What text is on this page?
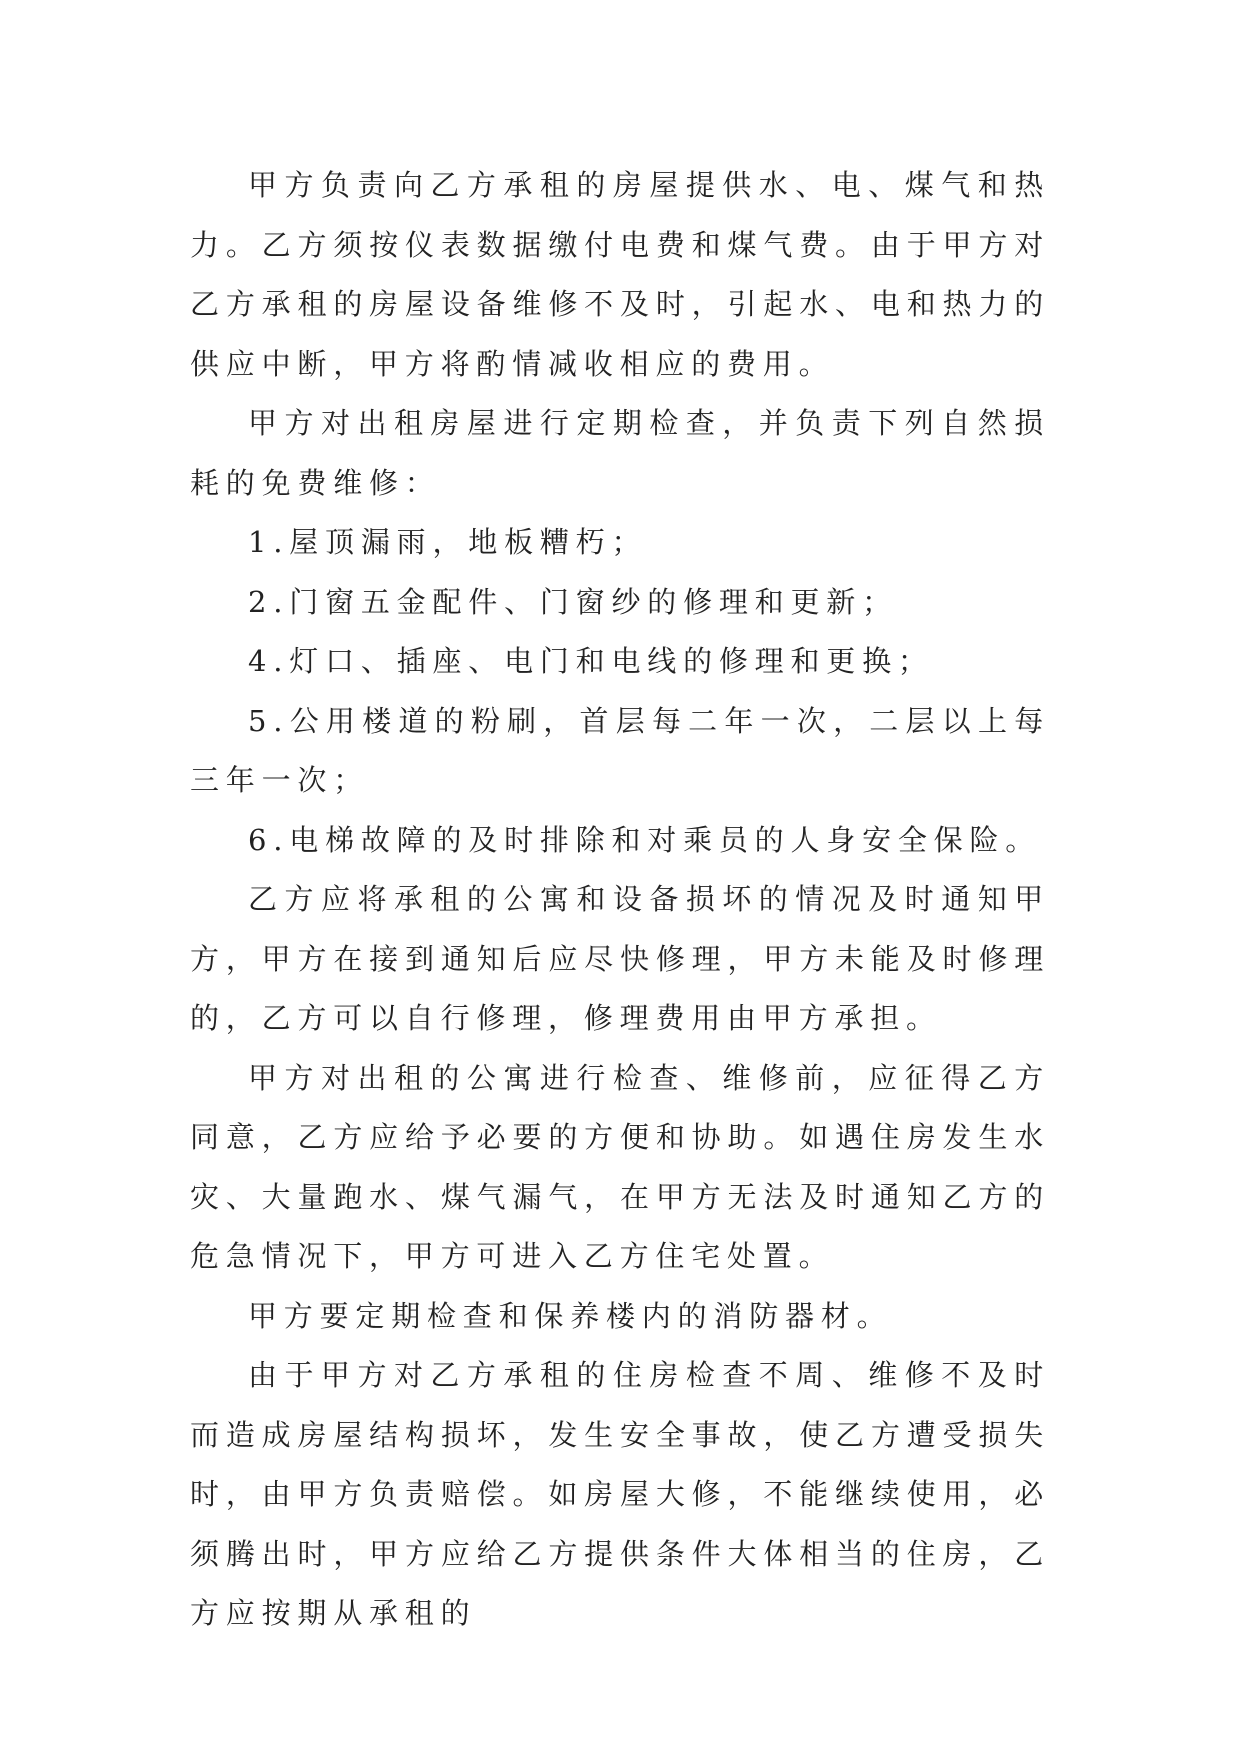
甲方负责向乙方承租的房屋提供水、电、煤气和热力。乙方须按仪表数据缴付电费和煤气费。由于甲方对乙方承租的房屋设备维修不及时，引起水、电和热力的供应中断，甲方将酌情减收相应的费用。

甲方对出租房屋进行定期检查，并负责下列自然损耗的免费维修：

1.屋顶漏雨，地板糟朽；

2.门窗五金配件、门窗纱的修理和更新；

4.灯口、插座、电门和电线的修理和更换；

5.公用楼道的粉刷，首层每二年一次，二层以上每三年一次；

6.电梯故障的及时排除和对乘员的人身安全保险。

乙方应将承租的公寓和设备损坏的情况及时通知甲方，甲方在接到通知后应尽快修理，甲方未能及时修理的，乙方可以自行修理，修理费用由甲方承担。

甲方对出租的公寓进行检查、维修前，应征得乙方同意，乙方应给予必要的方便和协助。如遇住房发生水灾、大量跑水、煤气漏气，在甲方无法及时通知乙方的危急情况下，甲方可进入乙方住宅处置。

甲方要定期检查和保养楼内的消防器材。

由于甲方对乙方承租的住房检查不周、维修不及时而造成房屋结构损坏，发生安全事故，使乙方遭受损失时，由甲方负责赔偿。如房屋大修，不能继续使用，必须腾出时，甲方应给乙方提供条件大体相当的住房，乙方应按期从承租的
